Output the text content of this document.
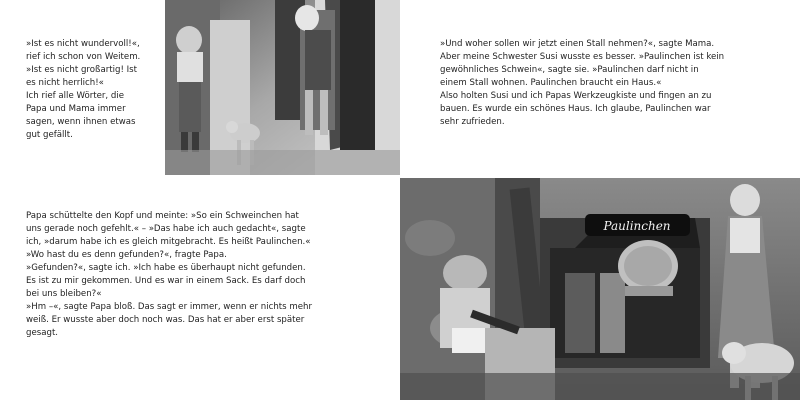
»Ist es nicht wundervoll!«,

rief ich schon von Weitem.

»Ist es nicht großartig! Ist

es nicht herrlich!«

Ich rief alle Wörter, die

Papa und Mama immer

sagen, wenn ihnen etwas

gut gefällt.

»Und woher sollen wir jetzt einen Stall nehmen?«, sagte Mama.

Aber meine Schwester Susi wusste es besser. »Paulinchen ist kein

gewöhnliches Schwein«, sagte sie. »Paulinchen darf nicht in

einem Stall wohnen. Paulinchen braucht ein Haus.«

Also holten Susi und ich Papas Werkzeugkiste und fingen an zu

bauen. Es wurde ein schönes Haus. Ich glaube, Paulinchen war

sehr zufrieden.

Papa schüttelte den Kopf und meinte: »So ein Schweinchen hat

uns gerade noch gefehlt.« – »Das habe ich auch gedacht«, sagte

ich, »darum habe ich es gleich mitgebracht. Es heißt Paulinchen.«

»Wo hast du es denn gefunden?«, fragte Papa.

»Gefunden?«, sagte ich. »Ich habe es überhaupt nicht gefunden.

Es ist zu mir gekommen. Und es war in einem Sack. Es darf doch

bei uns bleiben?«

»Hm –«, sagte Papa bloß. Das sagt er immer, wenn er nichts mehr

weiß. Er wusste aber doch noch was. Das hat er aber erst später

gesagt.

Paulinchen
